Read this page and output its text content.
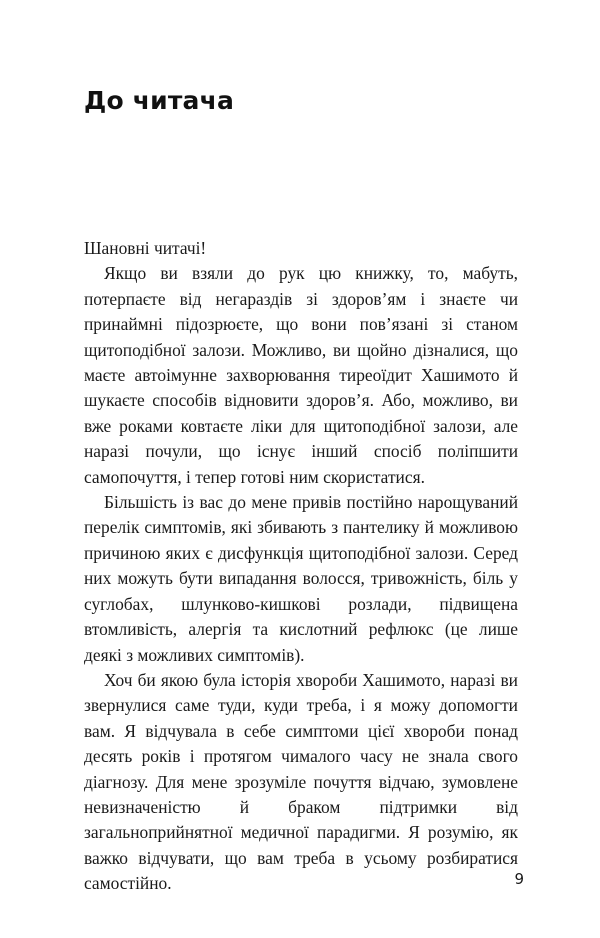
До читача

Шановні читачі!

Якщо ви взяли до рук цю книжку, то, мабуть, потерпаєте від негараздів зі здоров’ям і знаєте чи принаймні підозрюєте, що вони пов’язані зі станом щитоподібної залози. Можливо, ви щойно дізналися, що маєте автоімунне захворювання тиреоїдит Хашимото й шукаєте способів відновити здоров’я. Або, можливо, ви вже роками ковтаєте ліки для щитоподібної залози, але наразі почули, що існує інший спосіб поліпшити самопочуття, і тепер готові ним скористатися.

Більшість із вас до мене привів постійно нарощуваний перелік симптомів, які збивають з пантелику й можливою причиною яких є дисфункція щитоподібної залози. Серед них можуть бути випадання волосся, тривожність, біль у суглобах, шлунково-кишкові розлади, підвищена втомливість, алергія та кислотний рефлюкс (це лише деякі з можливих симптомів).

Хоч би якою була історія хвороби Хашимото, наразі ви звернулися саме туди, куди треба, і я можу допомогти вам. Я відчувала в себе симптоми цієї хвороби понад десять років і протягом чималого часу не знала свого діагнозу. Для мене зрозуміле почуття відчаю, зумовлене невизначеністю й браком підтримки від загальноприйнятної медичної парадигми. Я розумію, як важко відчувати, що вам треба в усьому розбиратися самостійно.	9
